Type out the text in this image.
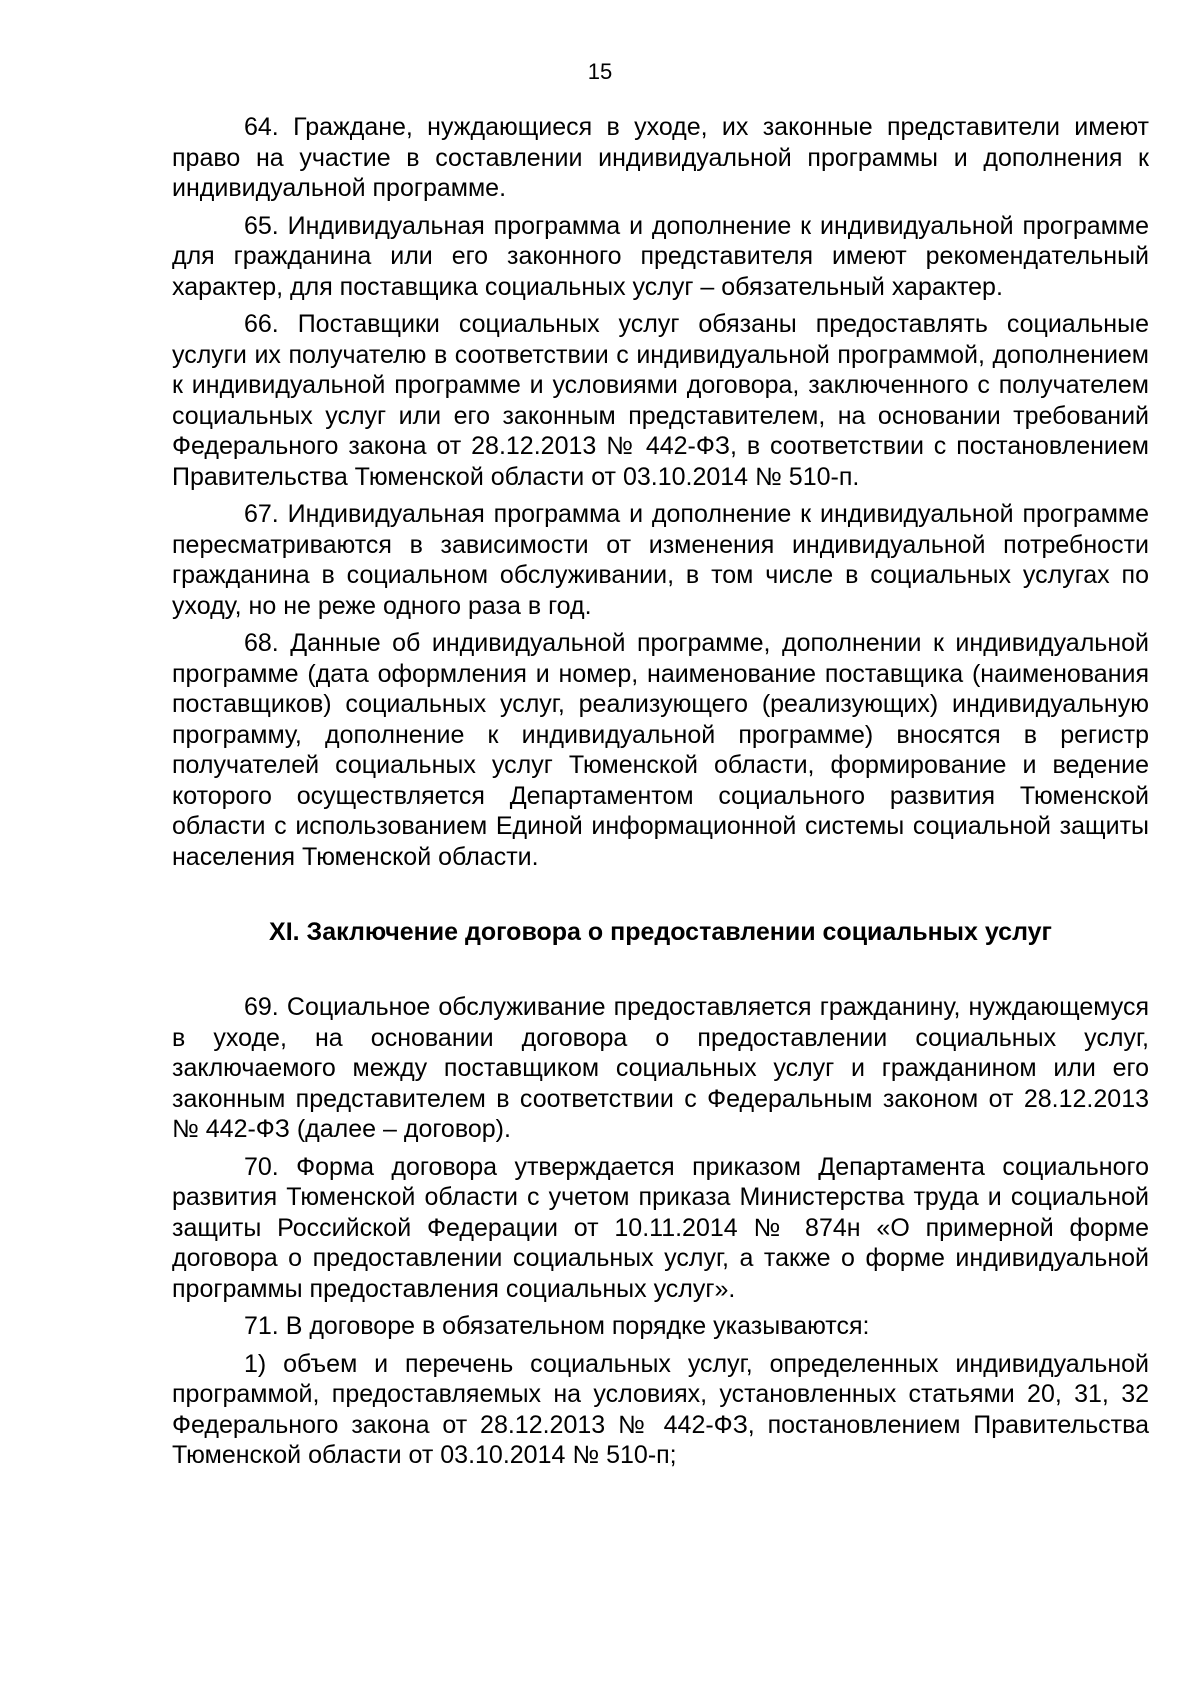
15

64. Граждане, нуждающиеся в уходе, их законные представители имеют право на участие в составлении индивидуальной программы и дополнения к индивидуальной программе.

65. Индивидуальная программа и дополнение к индивидуальной программе для гражданина или его законного представителя имеют рекомендательный характер, для поставщика социальных услуг – обязательный характер.

66. Поставщики социальных услуг обязаны предоставлять социальные услуги их получателю в соответствии с индивидуальной программой, дополнением к индивидуальной программе и условиями договора, заключенного с получателем социальных услуг или его законным представителем, на основании требований Федерального закона от 28.12.2013 № 442-ФЗ, в соответствии с постановлением Правительства Тюменской области от 03.10.2014 № 510-п.

67. Индивидуальная программа и дополнение к индивидуальной программе пересматриваются в зависимости от изменения индивидуальной потребности гражданина в социальном обслуживании, в том числе в социальных услугах по уходу, но не реже одного раза в год.

68. Данные об индивидуальной программе, дополнении к индивидуальной программе (дата оформления и номер, наименование поставщика (наименования поставщиков) социальных услуг, реализующего (реализующих) индивидуальную программу, дополнение к индивидуальной программе) вносятся в регистр получателей социальных услуг Тюменской области, формирование и ведение которого осуществляется Департаментом социального развития Тюменской области с использованием Единой информационной системы социальной защиты населения Тюменской области.

XI. Заключение договора о предоставлении социальных услуг

69. Социальное обслуживание предоставляется гражданину, нуждающемуся в уходе, на основании договора о предоставлении социальных услуг, заключаемого между поставщиком социальных услуг и гражданином или его законным представителем в соответствии с Федеральным законом от 28.12.2013 № 442-ФЗ (далее – договор).

70. Форма договора утверждается приказом Департамента социального развития Тюменской области с учетом приказа Министерства труда и социальной защиты Российской Федерации от 10.11.2014 № 874н «О примерной форме договора о предоставлении социальных услуг, а также о форме индивидуальной программы предоставления социальных услуг».

71. В договоре в обязательном порядке указываются:

1) объем и перечень социальных услуг, определенных индивидуальной программой, предоставляемых на условиях, установленных статьями 20, 31, 32 Федерального закона от 28.12.2013 № 442-ФЗ, постановлением Правительства Тюменской области от 03.10.2014 № 510-п;
